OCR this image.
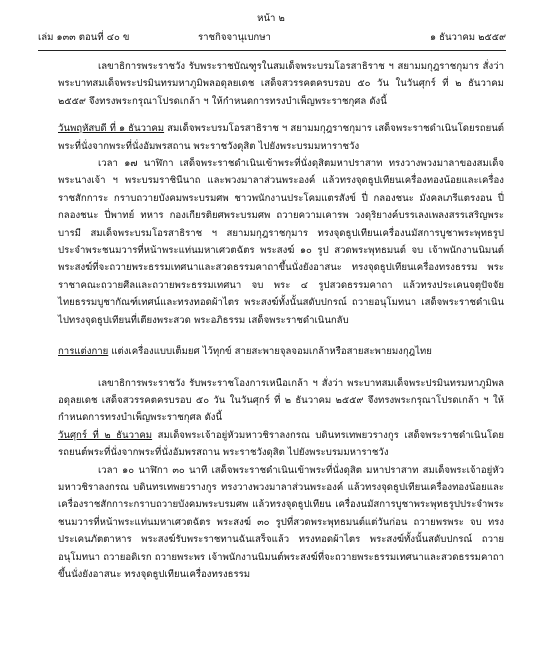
หน้า ๒
เล่ม ๑๓๓ ตอนที่ ๔๐ ข	ราชกิจจานุเบกษา	๑ ธันวาคม ๒๕๕๙

เลขาธิการพระราชวัง รับพระราชบัณฑูรในสมเด็จพระบรมโอรสาธิราช ฯ สยามมกุฎราชกุมาร สั่งว่า พระบาทสมเด็จพระปรมินทรมหาภูมิพลอดุลยเดช เสด็จสวรรคตครบรอบ ๕๐ วัน ในวันศุกร์ ที่ ๒ ธันวาคม ๒๕๕๙ จึงทรงพระกรุณาโปรดเกล้า ฯ ให้กำหนดการทรงบำเพ็ญพระราชกุศล ดังนี้

วันพฤหัสบดี ที่ ๑ ธันวาคม สมเด็จพระบรมโอรสาธิราช ฯ สยามมกุฎราชกุมาร เสด็จพระราชดำเนินโดยรถยนต์พระที่นั่งจากพระที่นั่งอัมพรสถาน พระราชวังดุสิต ไปยังพระบรมมหาราชวัง

เวลา ๑๗ นาฬิกา เสด็จพระราชดำเนินเข้าพระที่นั่งดุสิตมหาปราสาท ทรงวางพวงมาลาของสมเด็จพระนางเจ้า ฯ พระบรมราชินีนาถ และพวงมาลาส่วนพระองค์ แล้วทรงจุดธูปเทียนเครื่องทองน้อยและเครื่องราชสักการะ กราบถวายบังคมพระบรมศพ ชาวพนักงานประโคมแตรสังข์ ปี่ กลองชนะ มังคลเภรีแตรงอน ปี่ กลองชนะ ปี่พาทย์ ทหาร กองเกียรติยศพระบรมศพ ถวายความเคารพ วงดุริยางค์บรรเลงเพลงสรรเสริญพระบารมี สมเด็จพระบรมโอรสาธิราช ฯ สยามมกุฎราชกุมาร ทรงจุดธูปเทียนเครื่องนมัสการบูชาพระพุทธรูปประจำพระชนมวารที่หน้าพระแท่นมหาเศวตฉัตร พระสงฆ์ ๑๐ รูป สวดพระพุทธมนต์ จบ เจ้าพนักงานนิมนต์พระสงฆ์ที่จะถวายพระธรรมเทศนาและสวดธรรมคาถาขึ้นนั่งยังอาสนะ ทรงจุดธูปเทียนเครื่องทรงธรรม พระราชาคณะถวายศีลและถวายพระธรรมเทศนา จบ พระ ๔ รูปสวดธรรมคาถา แล้วทรงประเคนจตุปัจจัยไทยธรรมบูชากัณฑ์เทศน์และทรงทอดผ้าไตร พระสงฆ์ทั้งนั้นสดับปกรณ์ ถวายอนุโมทนา เสด็จพระราชดำเนินไปทรงจุดธูปเทียนที่เตียงพระสวด พระอภิธรรม เสด็จพระราชดำเนินกลับ

การแต่งกาย แต่งเครื่องแบบเต็มยศ ไว้ทุกข์ สายสะพายจุลจอมเกล้าหรือสายสะพายมงกุฎไทย

เลขาธิการพระราชวัง รับพระราชโองการเหนือเกล้า ฯ สั่งว่า พระบาทสมเด็จพระปรมินทรมหาภูมิพลอดุลยเดช เสด็จสวรรคตครบรอบ ๕๐ วัน ในวันศุกร์ ที่ ๒ ธันวาคม ๒๕๕๙ จึงทรงพระกรุณาโปรดเกล้า ฯ ให้กำหนดการทรงบำเพ็ญพระราชกุศล ดังนี้

วันศุกร์ ที่ ๒ ธันวาคม สมเด็จพระเจ้าอยู่หัวมหาวชิราลงกรณ บดินทรเทพยวรางกูร เสด็จพระราชดำเนินโดยรถยนต์พระที่นั่งจากพระที่นั่งอัมพรสถาน พระราชวังดุสิต ไปยังพระบรมมหาราชวัง

เวลา ๑๐ นาฬิกา ๓๐ นาที เสด็จพระราชดำเนินเข้าพระที่นั่งดุสิต มหาปราสาท สมเด็จพระเจ้าอยู่หัวมหาวชิราลงกรณ บดินทรเทพยวรางกูร ทรงวางพวงมาลาส่วนพระองค์ แล้วทรงจุดธูปเทียนเครื่องทองน้อยและเครื่องราชสักการะกราบถวายบังคมพระบรมศพ แล้วทรงจุดธูปเทียน เครื่องนมัสการบูชาพระพุทธรูปประจำพระชนมวารที่หน้าพระแท่นมหาเศวตฉัตร พระสงฆ์ ๓๐ รูปที่สวดพระพุทธมนต์แต่วันก่อน ถวายพรพระ จบ ทรงประเคนภัตตาหาร พระสงฆ์รับพระราชทานฉันเสร็จแล้ว ทรงทอดผ้าไตร พระสงฆ์ทั้งนั้นสดับปกรณ์ ถวายอนุโมทนา ถวายอดิเรก ถวายพระพร เจ้าพนักงานนิมนต์พระสงฆ์ที่จะถวายพระธรรมเทศนาและสวดธรรมคาถาขึ้นนั่งยังอาสนะ ทรงจุดธูปเทียนเครื่องทรงธรรม
